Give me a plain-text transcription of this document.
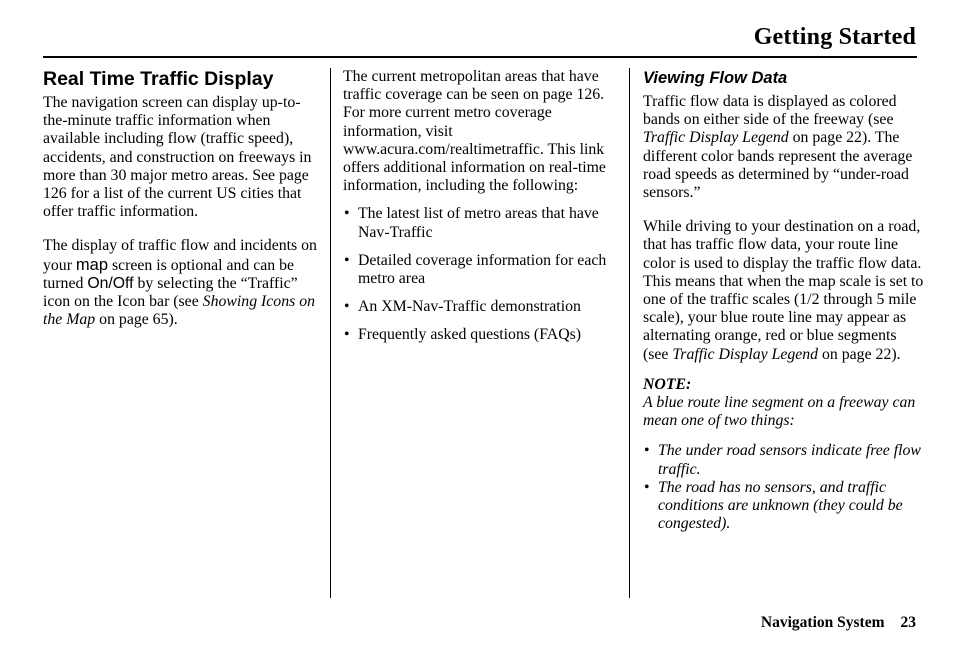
Getting Started
Real Time Traffic Display

The navigation screen can display up-to-the-minute traffic information when available including flow (traffic speed), accidents, and construction on freeways in more than 30 major metro areas. See page 126 for a list of the current US cities that offer traffic information.

The display of traffic flow and incidents on your map screen is optional and can be turned On/Off by selecting the “Traffic” icon on the Icon bar (see Showing Icons on the Map on page 65).

The current metropolitan areas that have traffic coverage can be seen on page 126. For more current metro coverage information, visit www.acura.com/realtimetraffic. This link offers additional information on real-time information, including the following:

• The latest list of metro areas that have Nav-Traffic
• Detailed coverage information for each metro area
• An XM-Nav-Traffic demonstration
• Frequently asked questions (FAQs)
Viewing Flow Data

Traffic flow data is displayed as colored bands on either side of the freeway (see Traffic Display Legend on page 22). The different color bands represent the average road speeds as determined by “under-road sensors.”

While driving to your destination on a road, that has traffic flow data, your route line color is used to display the traffic flow data. This means that when the map scale is set to one of the traffic scales (1/2 through 5 mile scale), your blue route line may appear as alternating orange, red or blue segments (see Traffic Display Legend on page 22).

NOTE:

A blue route line segment on a freeway can mean one of two things:

• The under road sensors indicate free flow traffic.
• The road has no sensors, and traffic conditions are unknown (they could be congested).
Navigation System 23
